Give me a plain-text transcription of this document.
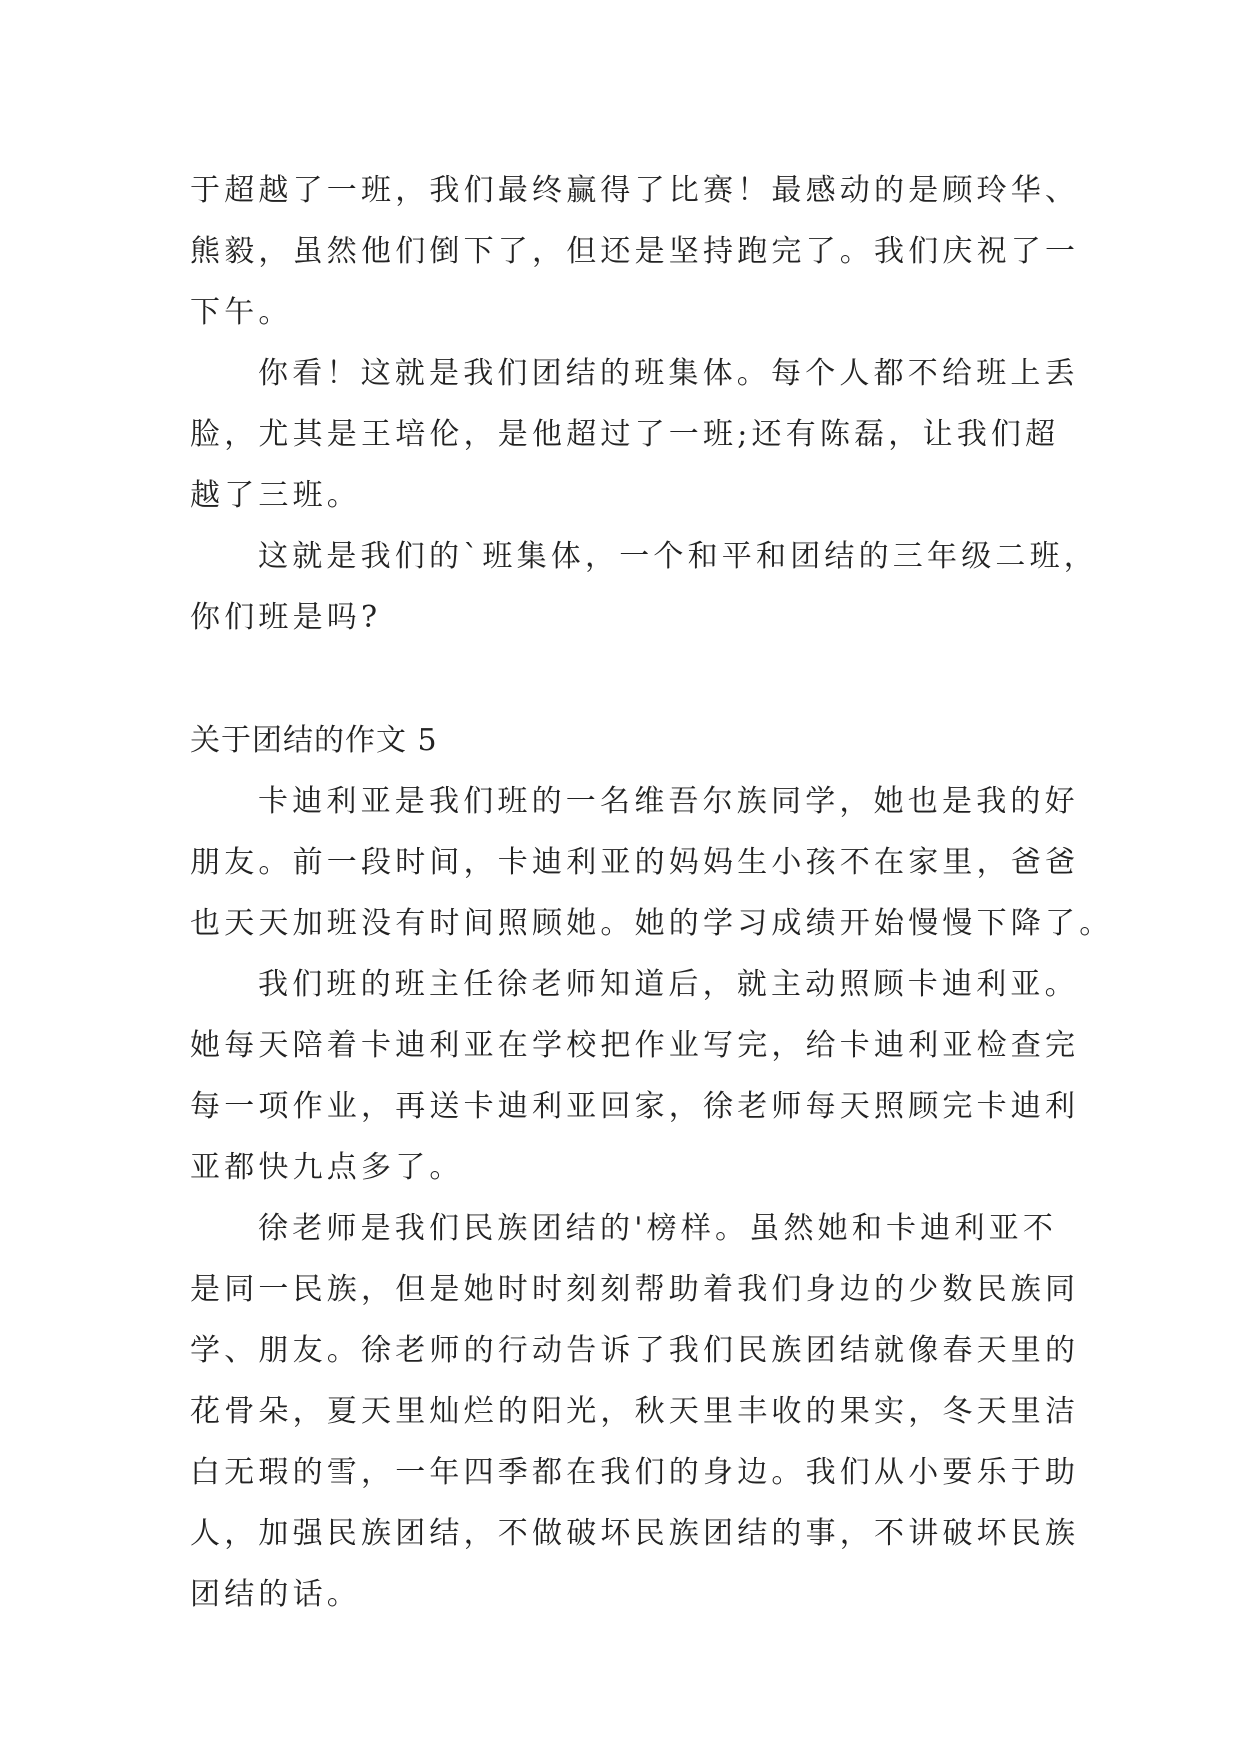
于超越了一班，我们最终赢得了比赛！最感动的是顾玲华、
熊毅，虽然他们倒下了，但还是坚持跑完了。我们庆祝了一
下午。

你看！这就是我们团结的班集体。每个人都不给班上丢
脸，尤其是王培伦，是他超过了一班;还有陈磊，让我们超
越了三班。

这就是我们的`班集体，一个和平和团结的三年级二班，
你们班是吗?

关于团结的作文 5

卡迪利亚是我们班的一名维吾尔族同学，她也是我的好
朋友。前一段时间，卡迪利亚的妈妈生小孩不在家里，爸爸
也天天加班没有时间照顾她。她的学习成绩开始慢慢下降了。

我们班的班主任徐老师知道后，就主动照顾卡迪利亚。
她每天陪着卡迪利亚在学校把作业写完，给卡迪利亚检查完
每一项作业，再送卡迪利亚回家，徐老师每天照顾完卡迪利
亚都快九点多了。

徐老师是我们民族团结的'榜样。虽然她和卡迪利亚不
是同一民族，但是她时时刻刻帮助着我们身边的少数民族同
学、朋友。徐老师的行动告诉了我们民族团结就像春天里的
花骨朵，夏天里灿烂的阳光，秋天里丰收的果实，冬天里洁
白无瑕的雪，一年四季都在我们的身边。我们从小要乐于助
人，加强民族团结，不做破坏民族团结的事，不讲破坏民族
团结的话。
